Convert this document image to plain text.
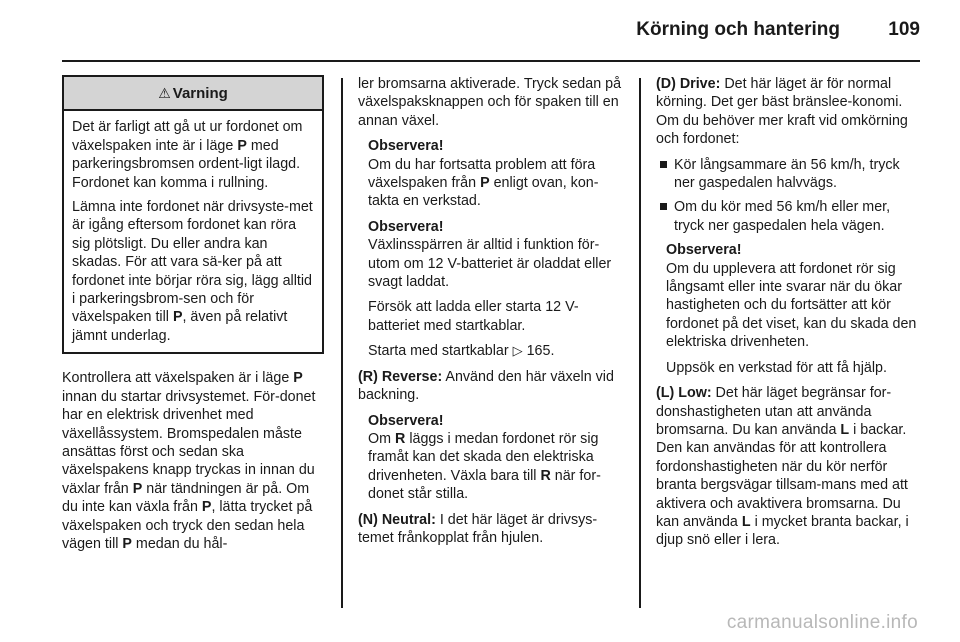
Körning och hantering	109
⚠ Varning

Det är farligt att gå ut ur fordonet om växelspaken inte är i läge P med parkeringsbromsen ordent-ligt ilagd. Fordonet kan komma i rullning.

Lämna inte fordonet när drivsyste-met är igång eftersom fordonet kan röra sig plötsligt. Du eller andra kan skadas. För att vara sä-ker på att fordonet inte börjar röra sig, lägg alltid i parkeringsbrom-sen och för växelspaken till P, även på relativt jämnt underlag.

Kontrollera att växelspaken är i läge P innan du startar drivsystemet. För-donet har en elektrisk drivenhet med växellåssystem. Bromspedalen måste ansättas först och sedan ska växelspakens knapp tryckas in innan du växlar från P när tändningen är på. Om du inte kan växla från P, lätta trycket på växelspaken och tryck den sedan hela vägen till P medan du hål-

ler bromsarna aktiverade. Tryck sedan på växelspaksknappen och för spaken till en annan växel.

Observera!
Om du har fortsatta problem att föra växelspaken från P enligt ovan, kon-takta en verkstad.
Observera!

Växlinsspärren är alltid i funktion för-utom om 12 V-batteriet är oladdat eller svagt laddat.

Försök att ladda eller starta 12 V-batteriet med startkablar.

Starta med startkablar ▷ 165.

(R) Reverse: Använd den här växeln vid backning.

Observera!
Om R läggs i medan fordonet rör sig framåt kan det skada den elektriska drivenheten. Växla bara till R när for-donet står stilla.

(N) Neutral: I det här läget är drivsys-temet frånkopplat från hjulen.

(D) Drive: Det här läget är för normal körning. Det ger bäst bränslee-konomi. Om du behöver mer kraft vid omkörning och fordonet:

Kör långsammare än 56 km/h, tryck ner gaspedalen halvvägs.
Om du kör med 56 km/h eller mer, tryck ner gaspedalen hela vägen.
Observera!

Om du upplevera att fordonet rör sig långsamt eller inte svarar när du ökar hastigheten och du fortsätter att kör fordonet på det viset, kan du skada den elektriska drivenheten.

Uppsök en verkstad för att få hjälp.

(L) Low: Det här läget begränsar for-donshastigheten utan att använda bromsarna. Du kan använda L i backar. Den kan användas för att kontrollera fordonshastigheten när du kör nerför branta bergsvägar tillsam-mans med att aktivera och avaktivera bromsarna. Du kan använda L i mycket branta backar, i djup snö eller i lera.

carmanualsonline.info
